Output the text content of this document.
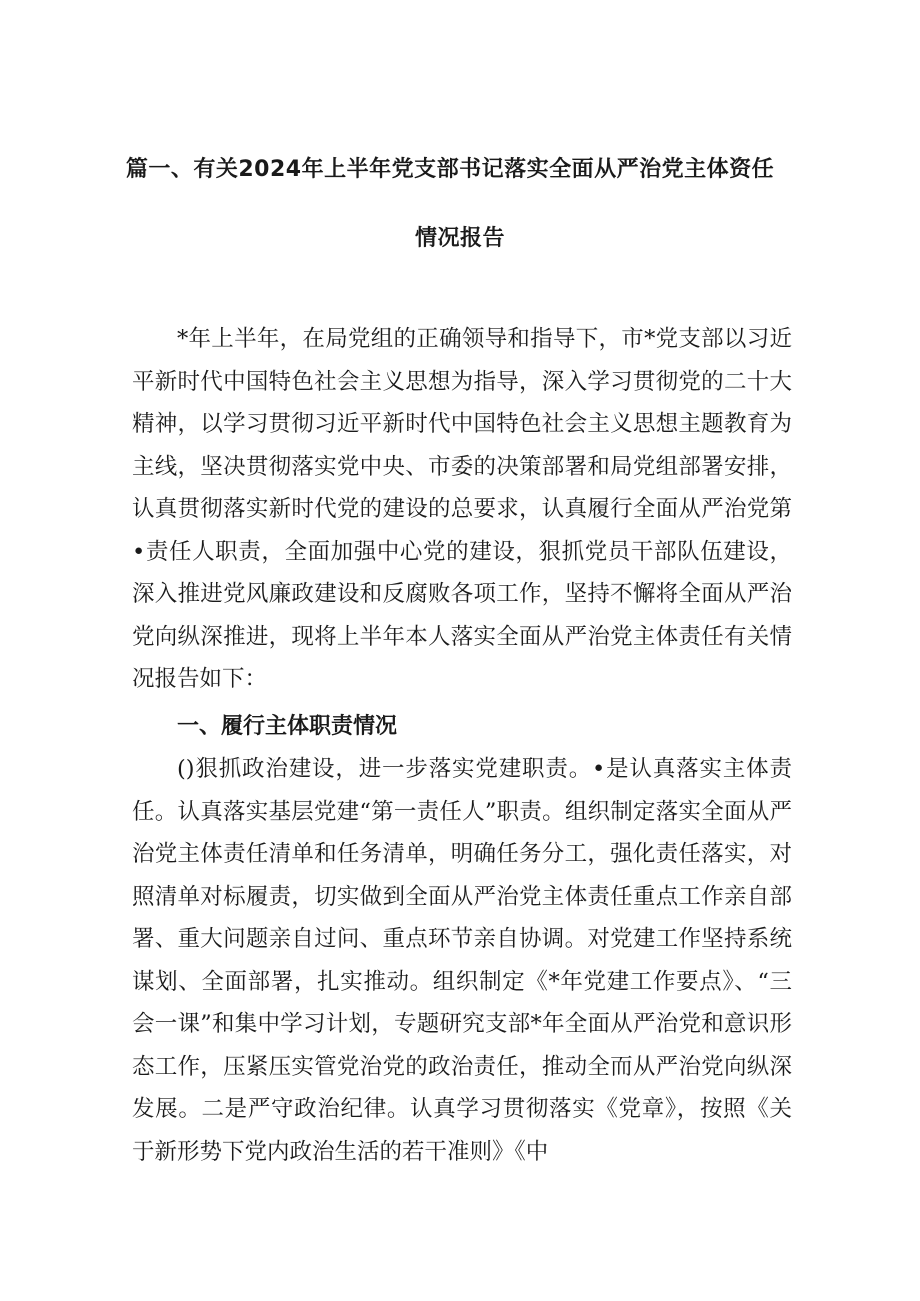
篇一、有关2024年上半年党支部书记落实全面从严治党主体资任
情况报告

*年上半年，在局党组的正确领导和指导下，市*党支部以习近平新时代中国特色社会主义思想为指导，深入学习贯彻党的二十大精神，以学习贯彻习近平新时代中国特色社会主义思想主题教育为主线，坚决贯彻落实党中央、市委的决策部署和局党组部署安排，认真贯彻落实新时代党的建设的总要求，认真履行全面从严治党第•责任人职责，全面加强中心党的建设，狠抓党员干部队伍建设，深入推进党风廉政建设和反腐败各项工作，坚持不懈将全面从严治党向纵深推进，现将上半年本人落实全面从严治党主体责任有关情况报告如下：

一、履行主体职责情况

()狠抓政治建设，进一步落实党建职责。•是认真落实主体责任。认真落实基层党建“第一责任人”职责。组织制定落实全面从严治党主体责任清单和任务清单，明确任务分工，强化责任落实，对照清单对标履责，切实做到全面从严治党主体责任重点工作亲自部署、重大问题亲自过问、重点环节亲自协调。对党建工作坚持系统谋划、全面部署，扎实推动。组织制定《*年党建工作要点》、“三会一课”和集中学习计划，专题研究支部*年全面从严治党和意识形态工作，压紧压实管党治党的政治责任，推动全而从严治党向纵深发展。二是严守政治纪律。认真学习贯彻落实《党章》，按照《关于新形势下党内政治生活的若干准则》《中
